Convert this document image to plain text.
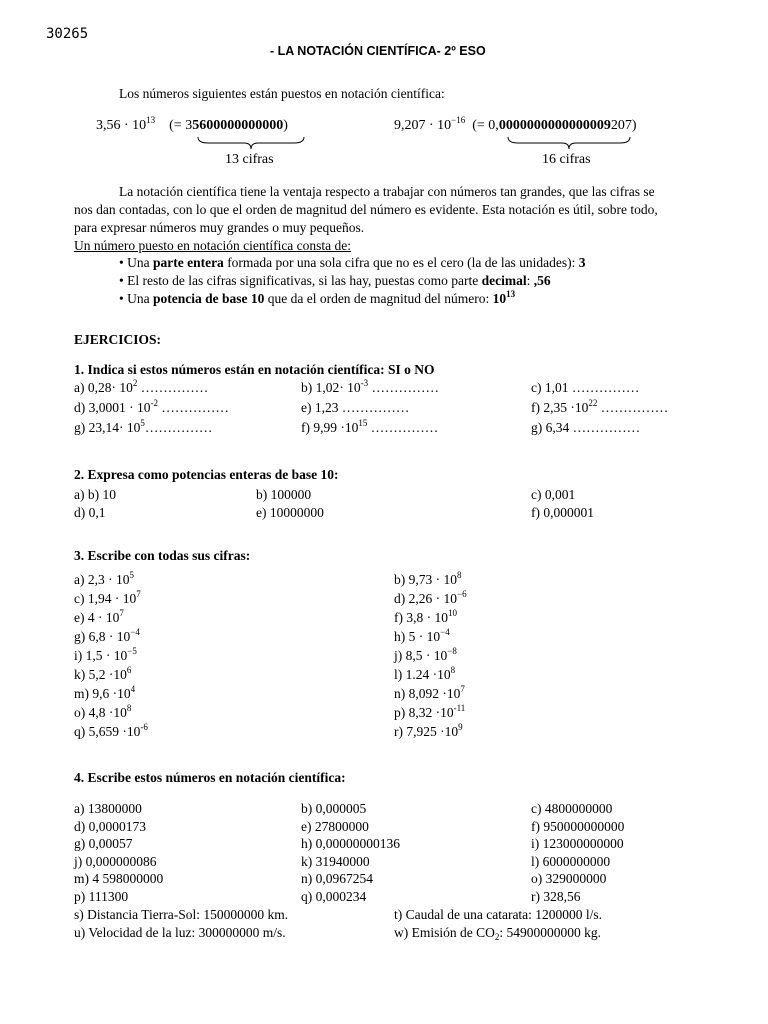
30265
- LA NOTACIÓN CIENTÍFICA- 2º ESO
Los números siguientes están puestos en notación científica:
$3,56 \cdot 10^{13}$ (= 35600000000000)
13 cifras
$9,207 \cdot 10^{-16}$ (= 0,0000000000000009207)
16 cifras
La notación científica tiene la ventaja respecto a trabajar con números tan grandes, que las cifras se
nos dan contadas, con lo que el orden de magnitud del número es evidente. Esta notación es útil, sobre todo,
para expresar números muy grandes o muy pequeños.
Un número puesto en notación científica consta de:
• Una parte entera formada por una sola cifra que no es el cero (la de las unidades): 3
• El resto de las cifras significativas, si las hay, puestas como parte decimal: ,56
• Una potencia de base 10 que da el orden de magnitud del número: $10^{13}$
EJERCICIOS:
1. Indica si estos números están en notación científica: SI o NO
2. Expresa como potencias enteras de base 10:
a) b) 10	b) 100000	c) 0,001
d) 0,1	e) 10000000	f) 0,000001
3. Escribe con todas sus cifras:
4. Escribe estos números en notación científica:
s) Distancia Tierra-Sol: 150000000 km.	t) Caudal de una catarata: 1200000 l/s.
u) Velocidad de la luz: 300000000 m/s.	w) Emisión de $CO_2$: 54900000000 kg.
a) $0,28\cdot 10^2$ ……………	b) $1,02\cdot 10^{-3}$ ……………	c) 1,01 ……………
d) $3,0001 \cdot 10^{-2}$ ……………	e) 1,23 ……………	f) $2,35 \cdot 10^{22}$ ……………
g) $23,14\cdot 10^5\dots\dots\dots\dots\dots$	f) $9,99 \cdot 10^{15}$ ……………	g) 6,34 ……………
a) $2,3 \cdot 10^5$	b) $9,73 \cdot 10^8$
c) $1,94 \cdot 10^7$	d) $2,26 \cdot 10^{-6}$
e) $4 \cdot 10^7$	f) $3,8 \cdot 10^{10}$
g) $6,8 \cdot 10^{-4}$	h) $5 \cdot 10^{-4}$
i) $1,5 \cdot 10^{-5}$	j) $8,5 \cdot 10^{-8}$
k) $5,2 \cdot 10^6$	l) $1.24 \cdot 10^8$
m) $9,6 \cdot 10^4$	n) $8,092 \cdot 10^7$
o) $4,8 \cdot 10^8$	p) $8,32 \cdot 10^{-11}$
q) $5,659 \cdot 10^{-6}$	r) $7,925 \cdot 10^9$
a) 13800000	b) 0,000005	c) 4800000000
d) 0,0000173	e) 27800000	f) 950000000000
g) 0,00057	h) 0,00000000136	i) 123000000000
j) 0,000000086	k) 31940000	l) 6000000000
m) 4 598000000	n) 0,0967254	o) 329000000
p) 111300	q) 0,000234	r) 328,56
